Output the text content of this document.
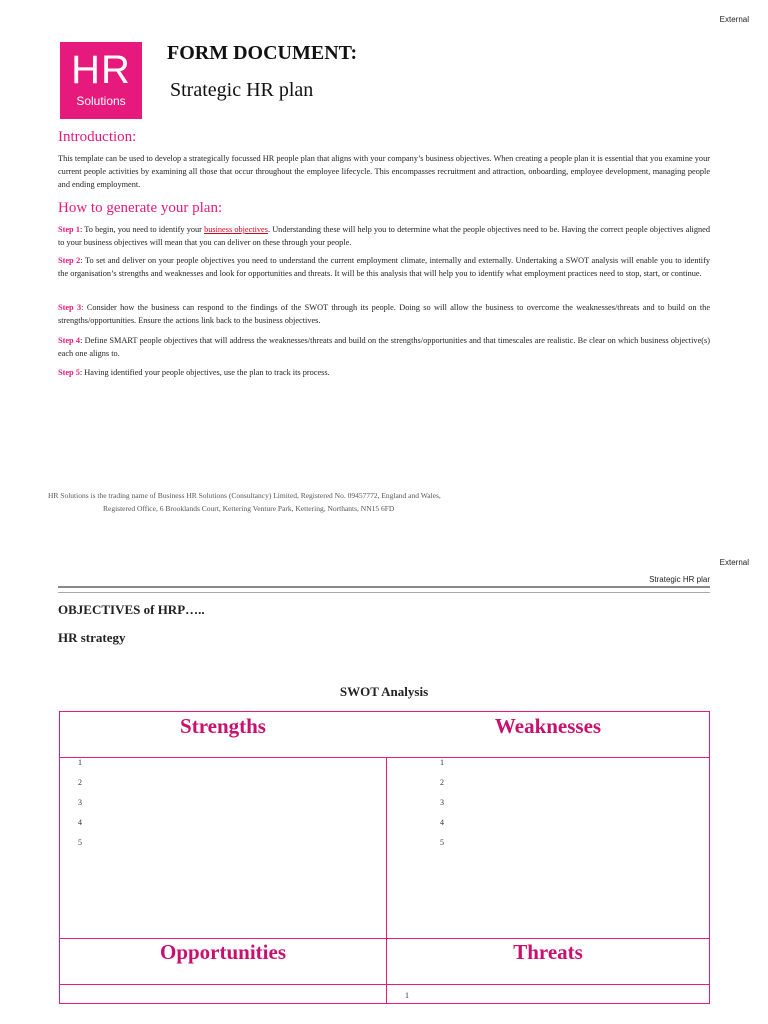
External
HR
Solutions
FORM DOCUMENT:
Strategic HR plan
Introduction:
This template can be used to develop a strategically focussed HR people plan that aligns with your company’s business objectives. When creating a people plan it is essential that you examine your current people activities by examining all those that occur throughout the employee lifecycle. This encompasses recruitment and attraction, onboarding, employee development, managing people and ending employment.
How to generate your plan:
Step 1: To begin, you need to identify your business objectives. Understanding these will help you to determine what the people objectives need to be. Having the correct people objectives aligned to your business objectives will mean that you can deliver on these through your people.
Step 2: To set and deliver on your people objectives you need to understand the current employment climate, internally and externally. Undertaking a SWOT analysis will enable you to identify the organisation’s strengths and weaknesses and look for opportunities and threats. It will be this analysis that will help you to identify what employment practices need to stop, start, or continue.
Step 3: Consider how the business can respond to the findings of the SWOT through its people. Doing so will allow the business to overcome the weaknesses/threats and to build on the strengths/opportunities. Ensure the actions link back to the business objectives.
Step 4: Define SMART people objectives that will address the weaknesses/threats and build on the strengths/opportunities and that timescales are realistic. Be clear on which business objective(s) each one aligns to.
Step 5: Having identified your people objectives, use the plan to track its process.
HR Solutions is the trading name of Business HR Solutions (Consultancy) Limited, Registered No. 09457772, England and Wales,
Registered Office, 6 Brooklands Court, Kettering Venture Park, Kettering, Northants, NN15 6FD
External
Strategic HR plar
OBJECTIVES of HRP…..
HR strategy
SWOT Analysis
Strengths	Weaknesses
Opportunities	Threats
1
2
3
4
5
1
2
3
4
5
1
